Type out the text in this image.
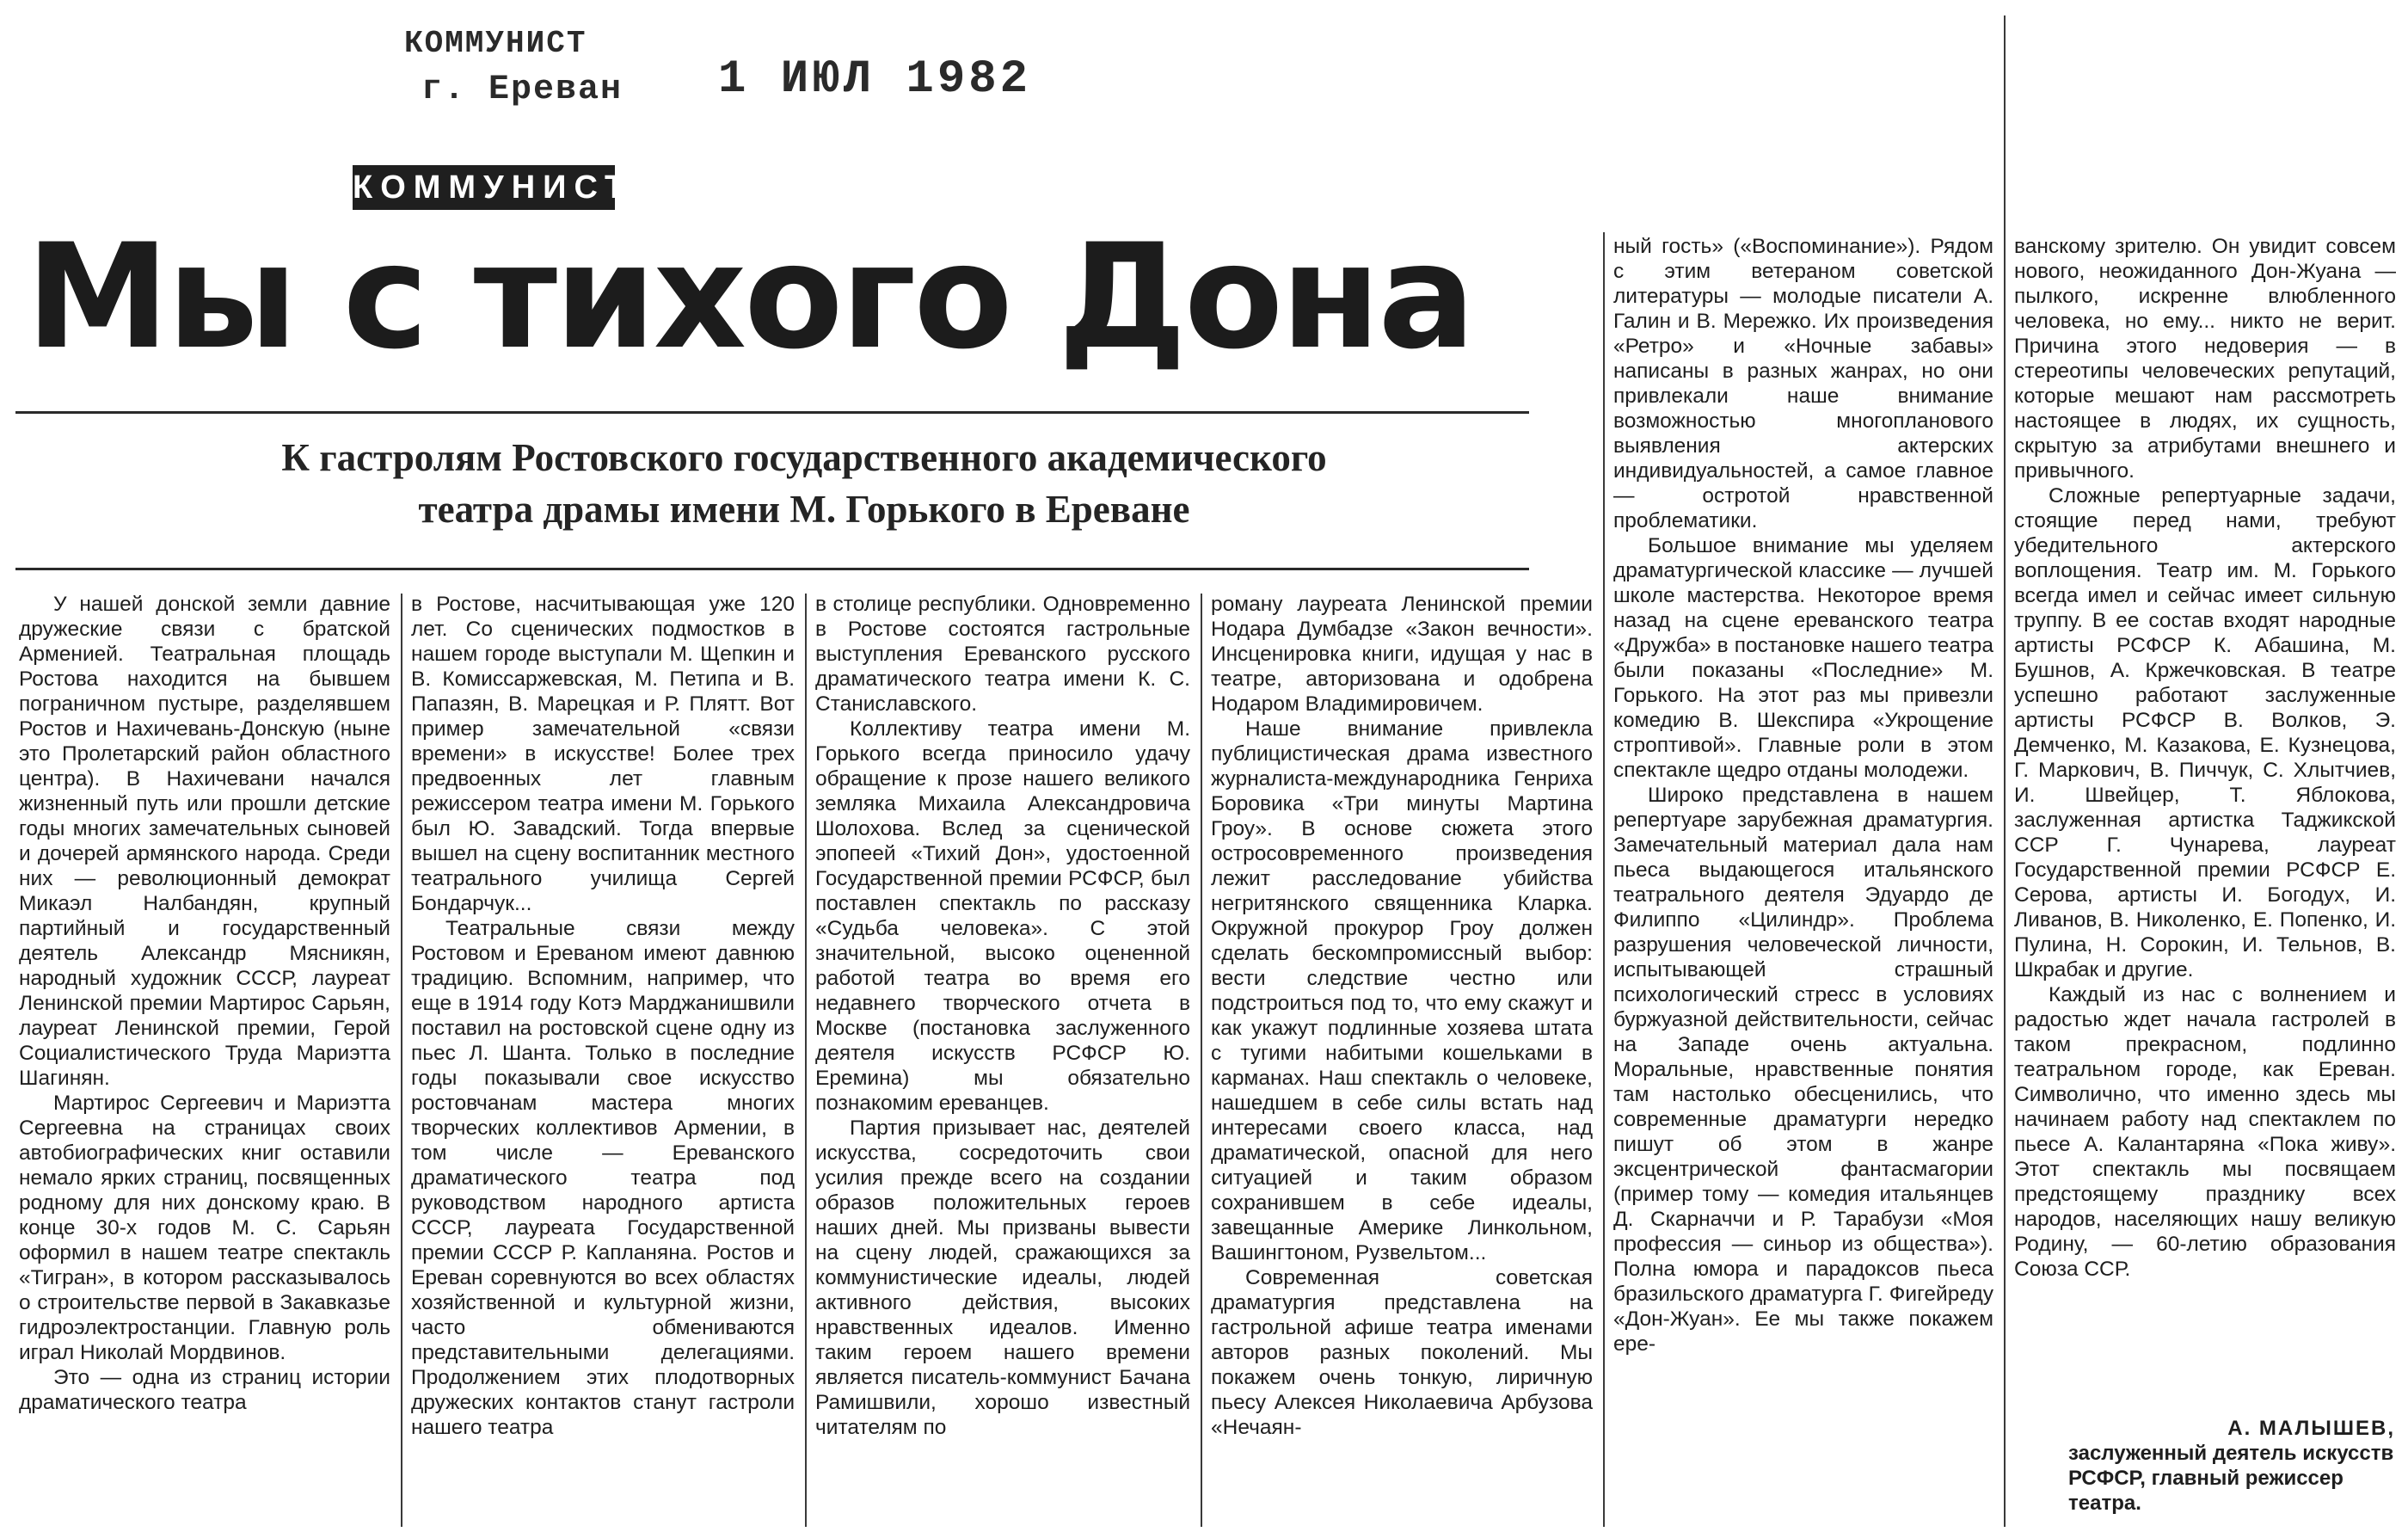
КОММУНИСТ
г. Ереван 1 ИЮЛ 1982
КОММУНИСТ
Мы с тихого Дона
К гастролям Ростовского государственного академического
театра драмы имени М. Горького в Ереване

У нашей донской земли давние дружеские связи с братской Арменией. Театральная площадь Ростова находится на бывшем пограничном пустыре, разделявшем Ростов и Нахичевань-Донскую (ныне это Пролетарский район областного центра). В Нахичевани начался жизненный путь или прошли детские годы многих замечательных сыновей и дочерей армянского народа. Среди них — революционный демократ Микаэл Налбандян, крупный партийный и государственный деятель Александр Мясникян, народный художник СССР, лауреат Ленинской премии Мартирос Сарьян, лауреат Ленинской премии, Герой Социалистического Труда Мариэтта Шагинян.

Мартирос Сергеевич и Мариэтта Сергеевна на страницах своих автобиографических книг оставили немало ярких страниц, посвященных родному для них донскому краю. В конце 30-х годов М. С. Сарьян оформил в нашем театре спектакль «Тигран», в котором рассказывалось о строительстве первой в Закавказье гидроэлектростанции. Главную роль играл Николай Мордвинов.

Это — одна из страниц истории драматического театра

в Ростове, насчитывающая уже 120 лет. Со сценических подмостков в нашем городе выступали М. Щепкин и В. Комиссаржевская, М. Петипа и В. Папазян, В. Марецкая и Р. Плятт. Вот пример замечательной «связи времени» в искусстве! Более трех предвоенных лет главным режиссером театра имени М. Горького был Ю. Завадский. Тогда впервые вышел на сцену воспитанник местного театрального училища Сергей Бондарчук...

Театральные связи между Ростовом и Ереваном имеют давнюю традицию. Вспомним, например, что еще в 1914 году Котэ Марджанишвили поставил на ростовской сцене одну из пьес Л. Шанта. Только в последние годы показывали свое искусство ростовчанам мастера многих творческих коллективов Армении, в том числе — Ереванского драматического театра под руководством народного артиста СССР, лауреата Государственной премии СССР Р. Капланяна. Ростов и Ереван соревнуются во всех областях хозяйственной и культурной жизни, часто обмениваются представительными делегациями. Продолжением этих плодотворных дружеских контактов станут гастроли нашего театра

в столице республики. Одновременно в Ростове состоятся гастрольные выступления Ереванского русского драматического театра имени К. С. Станиславского.

Коллективу театра имени М. Горького всегда приносило удачу обращение к прозе нашего великого земляка Михаила Александровича Шолохова. Вслед за сценической эпопеей «Тихий Дон», удостоенной Государственной премии РСФСР, был поставлен спектакль по рассказу «Судьба человека». С этой значительной, высоко оцененной работой театра во время его недавнего творческого отчета в Москве (постановка заслуженного деятеля искусств РСФСР Ю. Еремина) мы обязательно познакомим ереванцев.

Партия призывает нас, деятелей искусства, сосредоточить свои усилия прежде всего на создании образов положительных героев наших дней. Мы призваны вывести на сцену людей, сражающихся за коммунистические идеалы, людей активного действия, высоких нравственных идеалов. Именно таким героем нашего времени является писатель-коммунист Бачана Рамишвили, хорошо известный читателям по

роману лауреата Ленинской премии Нодара Думбадзе «Закон вечности». Инсценировка книги, идущая у нас в театре, авторизована и одобрена Нодаром Владимировичем.

Наше внимание привлекла публицистическая драма известного журналиста-международника Генриха Боровика «Три минуты Мартина Гроу». В основе сюжета этого остросовременного произведения лежит расследование убийства негритянского священника Кларка. Окружной прокурор Гроу должен сделать бескомпромиссный выбор: вести следствие честно или подстроиться под то, что ему скажут и как укажут подлинные хозяева штата с тугими набитыми кошельками в карманах. Наш спектакль о человеке, нашедшем в себе силы встать над интересами своего класса, над драматической, опасной для него ситуацией и таким образом сохранившем в себе идеалы, завещанные Америке Линкольном, Вашингтоном, Рузвельтом...

Современная советская драматургия представлена на гастрольной афише театра именами авторов разных поколений. Мы покажем очень тонкую, лиричную пьесу Алексея Николаевича Арбузова «Нечаян-

ный гость» («Воспоминание»). Рядом с этим ветераном советской литературы — молодые писатели А. Галин и В. Мережко. Их произведения «Ретро» и «Ночные забавы» написаны в разных жанрах, но они привлекали наше внимание возможностью многопланового выявления актерских индивидуальностей, а самое главное — остротой нравственной проблематики.

Большое внимание мы уделяем драматургической классике — лучшей школе мастерства. Некоторое время назад на сцене ереванского театра «Дружба» в постановке нашего театра были показаны «Последние» М. Горького. На этот раз мы привезли комедию В. Шекспира «Укрощение строптивой». Главные роли в этом спектакле щедро отданы молодежи.

Широко представлена в нашем репертуаре зарубежная драматургия. Замечательный материал дала нам пьеса выдающегося итальянского театрального деятеля Эдуардо де Филиппо «Цилиндр». Проблема разрушения человеческой личности, испытывающей страшный психологический стресс в условиях буржуазной действительности, сейчас на Западе очень актуальна. Моральные, нравственные понятия там настолько обесценились, что современные драматурги нередко пишут об этом в жанре эксцентрической фантасмагории (пример тому — комедия итальянцев Д. Скарначчи и Р. Тарабузи «Моя профессия — синьор из общества»). Полна юмора и парадоксов пьеса бразильского драматурга Г. Фигейреду «Дон-Жуан». Ее мы также покажем ере-

ванскому зрителю. Он увидит совсем нового, неожиданного Дон-Жуана — пылкого, искренне влюбленного человека, но ему... никто не верит. Причина этого недоверия — в стереотипы человеческих репутаций, которые мешают нам рассмотреть настоящее в людях, их сущность, скрытую за атрибутами внешнего и привычного.

Сложные репертуарные задачи, стоящие перед нами, требуют убедительного актерского воплощения. Театр им. М. Горького всегда имел и сейчас имеет сильную труппу. В ее состав входят народные артисты РСФСР К. Абашина, М. Бушнов, А. Кржечковская. В театре успешно работают заслуженные артисты РСФСР В. Волков, Э. Демченко, М. Казакова, Е. Кузнецова, Г. Маркович, В. Пиччук, С. Хлытчиев, И. Швейцер, Т. Яблокова, заслуженная артистка Таджикской ССР Г. Чунарева, лауреат Государственной премии РСФСР Е. Серова, артисты И. Богодух, И. Ливанов, В. Николенко, Е. Попенко, И. Пулина, Н. Сорокин, И. Тельнов, В. Шкрабак и другие.

Каждый из нас с волнением и радостью ждет начала гастролей в таком прекрасном, подлинно театральном городе, как Ереван. Символично, что именно здесь мы начинаем работу над спектаклем по пьесе А. Калантаряна «Пока живу». Этот спектакль мы посвящаем предстоящему празднику всех народов, населяющих нашу великую Родину, — 60-летию образования Союза ССР.

А. МАЛЫШЕВ,
заслуженный деятель искусств РСФСР, главный режиссер театра.
